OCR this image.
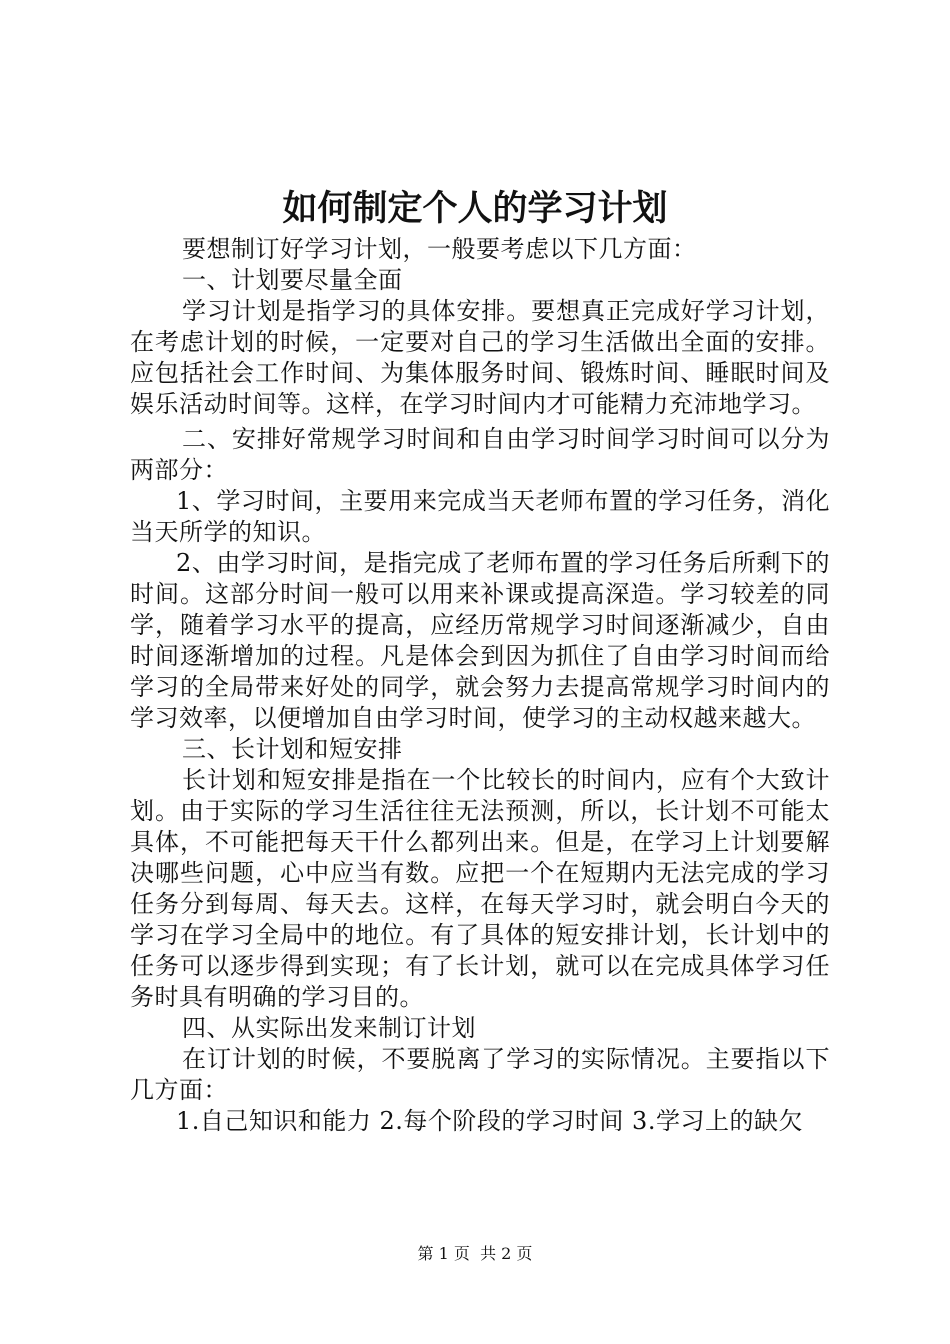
如何制定个人的学习计划

要想制订好学习计划，一般要考虑以下几方面：

一、计划要尽量全面

学习计划是指学习的具体安排。要想真正完成好学习计划，在考虑计划的时候，一定要对自己的学习生活做出全面的安排。应包括社会工作时间、为集体服务时间、锻炼时间、睡眠时间及娱乐活动时间等。这样，在学习时间内才可能精力充沛地学习。

二、安排好常规学习时间和自由学习时间学习时间可以分为两部分：

1、学习时间，主要用来完成当天老师布置的学习任务，消化当天所学的知识。

2、由学习时间，是指完成了老师布置的学习任务后所剩下的时间。这部分时间一般可以用来补课或提高深造。学习较差的同学，随着学习水平的提高，应经历常规学习时间逐渐减少，自由时间逐渐增加的过程。凡是体会到因为抓住了自由学习时间而给学习的全局带来好处的同学，就会努力去提高常规学习时间内的学习效率，以便增加自由学习时间，使学习的主动权越来越大。

三、长计划和短安排

长计划和短安排是指在一个比较长的时间内，应有个大致计划。由于实际的学习生活往往无法预测，所以，长计划不可能太具体，不可能把每天干什么都列出来。但是，在学习上计划要解决哪些问题，心中应当有数。应把一个在短期内无法完成的学习任务分到每周、每天去。这样，在每天学习时，就会明白今天的学习在学习全局中的地位。有了具体的短安排计划，长计划中的任务可以逐步得到实现；有了长计划，就可以在完成具体学习任务时具有明确的学习目的。

四、从实际出发来制订计划

在订计划的时候，不要脱离了学习的实际情况。主要指以下几方面：

1.自己知识和能力 2.每个阶段的学习时间 3.学习上的缺欠

第 1 页  共 2 页
